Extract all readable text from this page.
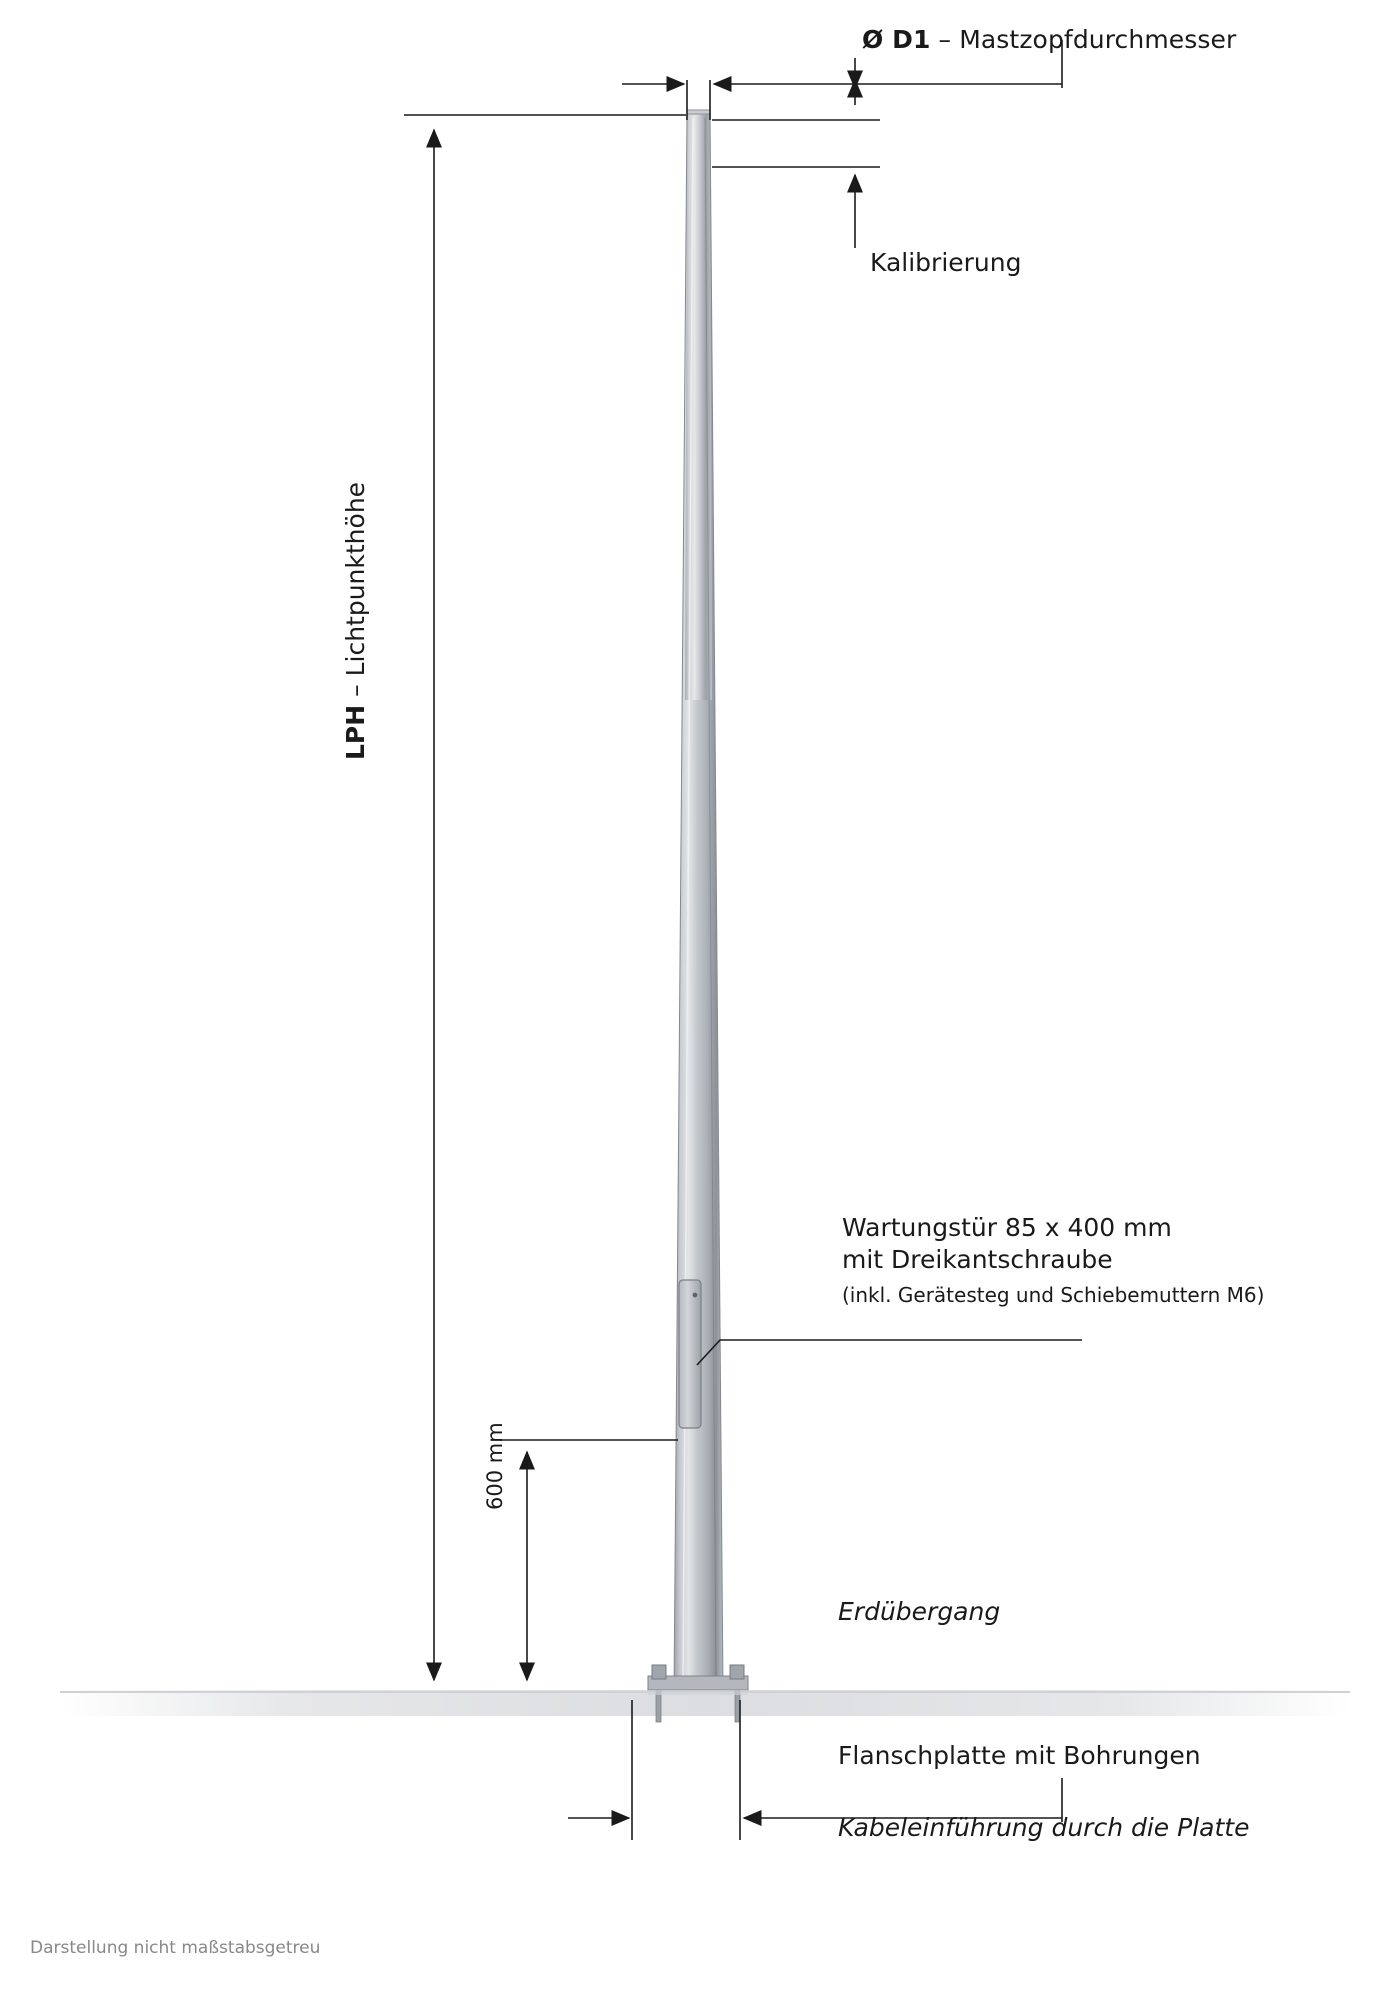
Ø D1 – Mastzopfdurchmesser
Kalibrierung
LPH – Lichtpunkthöhe
600 mm
Wartungstür 85 x 400 mm
mit Dreikantschraube
(inkl. Gerätesteg und Schiebemuttern M6)
Erdübergang
Flanschplatte mit Bohrungen
Kabeleinführung durch die Platte
Darstellung nicht maßstabsgetreu
